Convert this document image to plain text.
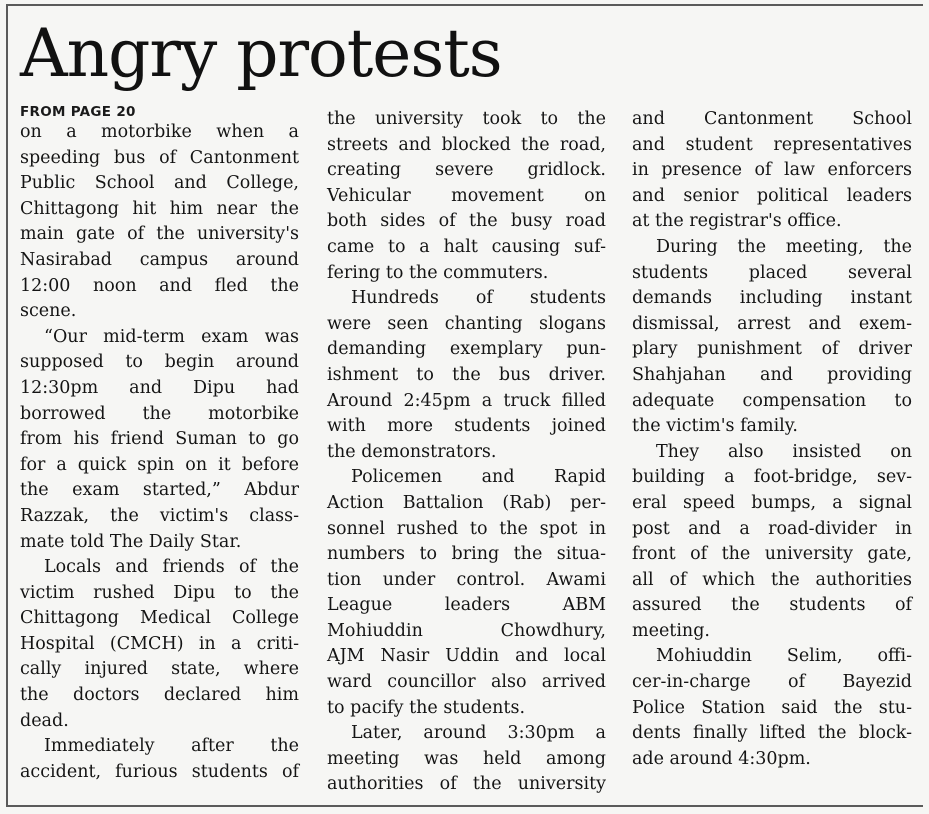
Angry protests
FROM PAGE 20
on a motorbike when a
speeding bus of Cantonment
Public School and College,
Chittagong hit him near the
main gate of the university's
Nasirabad campus around
12:00 noon and fled the
scene.
“Our mid-term exam was
supposed to begin around
12:30pm and Dipu had
borrowed the motorbike
from his friend Suman to go
for a quick spin on it before
the exam started,” Abdur
Razzak, the victim's class-
mate told The Daily Star.
Locals and friends of the
victim rushed Dipu to the
Chittagong Medical College
Hospital (CMCH) in a criti-
cally injured state, where
the doctors declared him
dead.
Immediately after the
accident, furious students of
the university took to the
streets and blocked the road,
creating severe gridlock.
Vehicular movement on
both sides of the busy road
came to a halt causing suf-
fering to the commuters.
Hundreds of students
were seen chanting slogans
demanding exemplary pun-
ishment to the bus driver.
Around 2:45pm a truck filled
with more students joined
the demonstrators.
Policemen and Rapid
Action Battalion (Rab) per-
sonnel rushed to the spot in
numbers to bring the situa-
tion under control. Awami
League leaders ABM
Mohiuddin Chowdhury,
AJM Nasir Uddin and local
ward councillor also arrived
to pacify the students.
Later, around 3:30pm a
meeting was held among
authorities of the university
and Cantonment School
and student representatives
in presence of law enforcers
and senior political leaders
at the registrar's office.
During the meeting, the
students placed several
demands including instant
dismissal, arrest and exem-
plary punishment of driver
Shahjahan and providing
adequate compensation to
the victim's family.
They also insisted on
building a foot-bridge, sev-
eral speed bumps, a signal
post and a road-divider in
front of the university gate,
all of which the authorities
assured the students of
meeting.
Mohiuddin Selim, offi-
cer-in-charge of Bayezid
Police Station said the stu-
dents finally lifted the block-
ade around 4:30pm.
